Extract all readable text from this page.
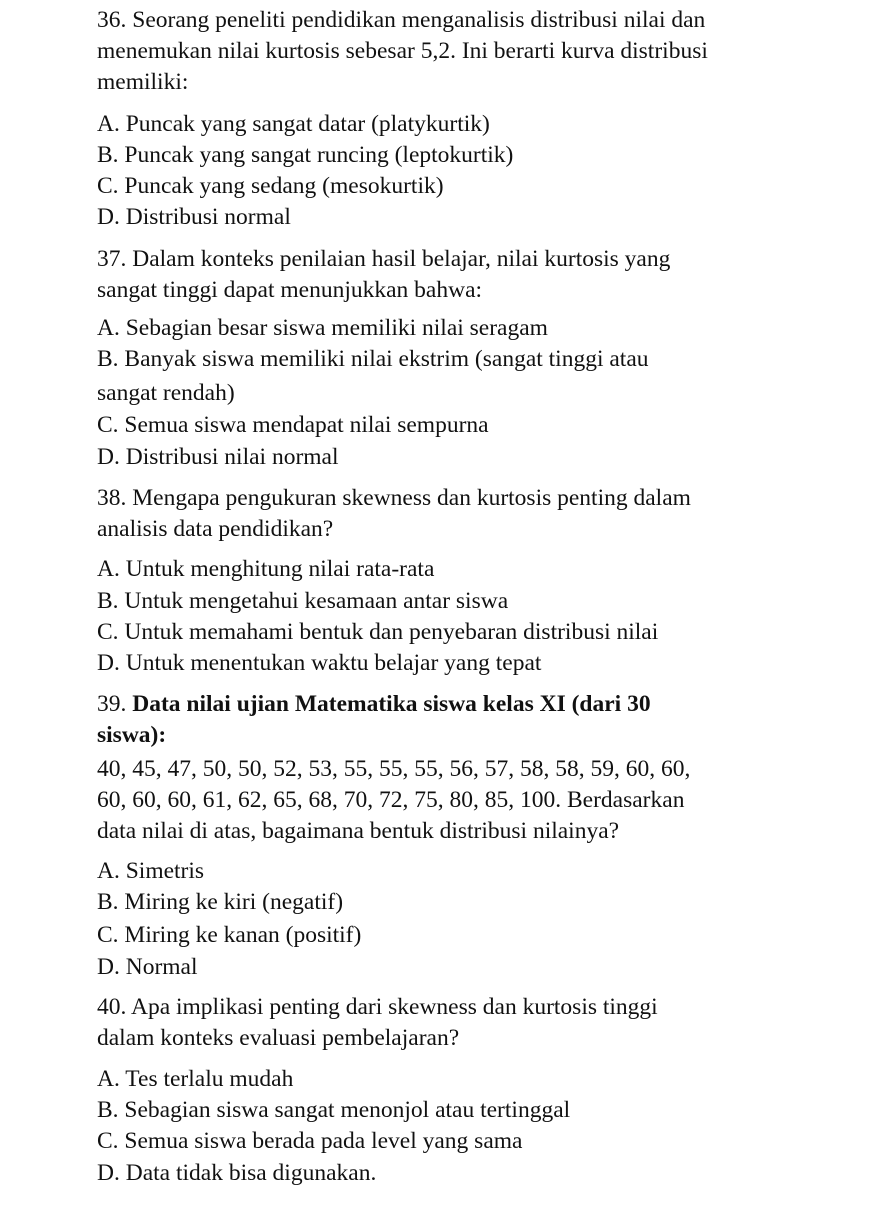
36. Seorang peneliti pendidikan menganalisis distribusi nilai dan
menemukan nilai kurtosis sebesar 5,2. Ini berarti kurva distribusi
memiliki:
A. Puncak yang sangat datar (platykurtik)
B. Puncak yang sangat runcing (leptokurtik)
C. Puncak yang sedang (mesokurtik)
D. Distribusi normal
37. Dalam konteks penilaian hasil belajar, nilai kurtosis yang
sangat tinggi dapat menunjukkan bahwa:
A. Sebagian besar siswa memiliki nilai seragam
B. Banyak siswa memiliki nilai ekstrim (sangat tinggi atau
sangat rendah)
C. Semua siswa mendapat nilai sempurna
D. Distribusi nilai normal
38. Mengapa pengukuran skewness dan kurtosis penting dalam
analisis data pendidikan?
A. Untuk menghitung nilai rata-rata
B. Untuk mengetahui kesamaan antar siswa
C. Untuk memahami bentuk dan penyebaran distribusi nilai
D. Untuk menentukan waktu belajar yang tepat
39. Data nilai ujian Matematika siswa kelas XI (dari 30
siswa):
40, 45, 47, 50, 50, 52, 53, 55, 55, 55, 56, 57, 58, 58, 59, 60, 60,
60, 60, 60, 61, 62, 65, 68, 70, 72, 75, 80, 85, 100. Berdasarkan
data nilai di atas, bagaimana bentuk distribusi nilainya?
A. Simetris
B. Miring ke kiri (negatif)
C. Miring ke kanan (positif)
D. Normal
40. Apa implikasi penting dari skewness dan kurtosis tinggi
dalam konteks evaluasi pembelajaran?
A. Tes terlalu mudah
B. Sebagian siswa sangat menonjol atau tertinggal
C. Semua siswa berada pada level yang sama
D. Data tidak bisa digunakan.
